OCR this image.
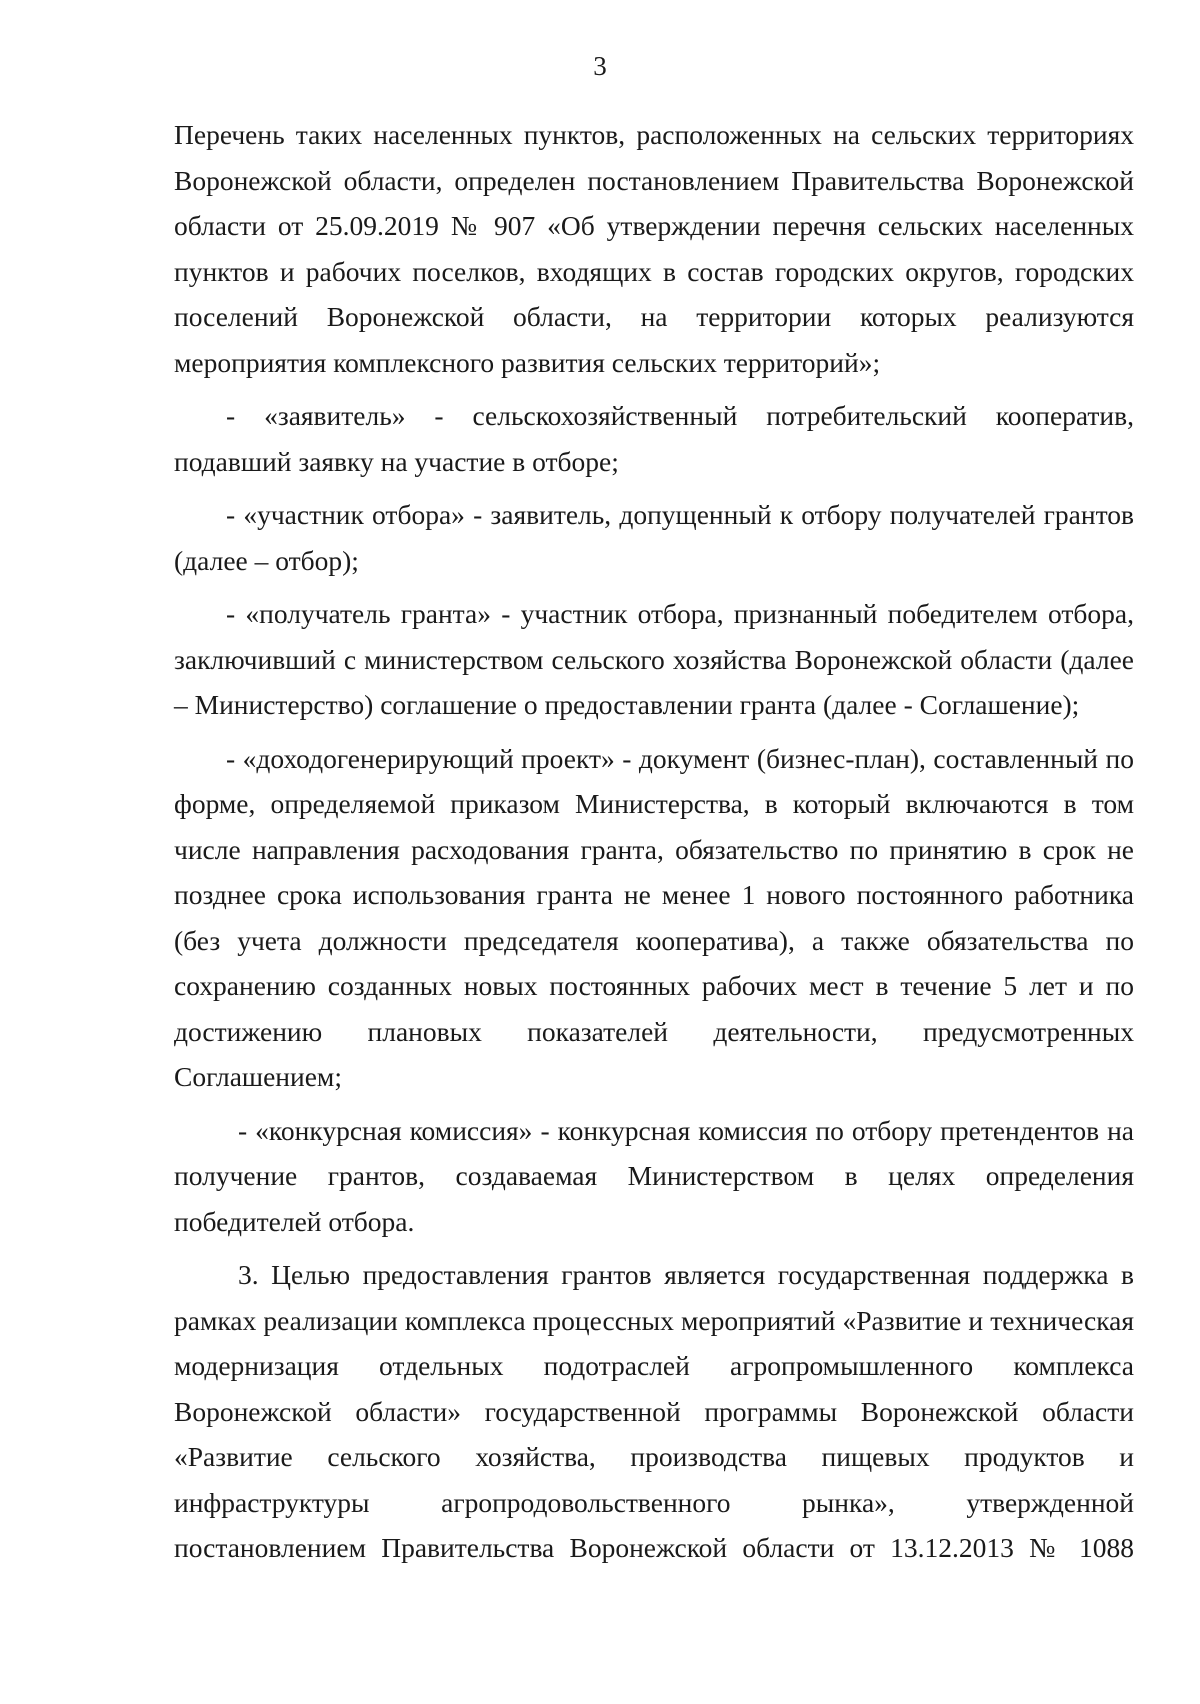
3

Перечень таких населенных пунктов, расположенных на сельских территориях Воронежской области, определен постановлением Правительства Воронежской области от 25.09.2019 № 907 «Об утверждении перечня сельских населенных пунктов и рабочих поселков, входящих в состав городских округов, городских поселений Воронежской области, на территории которых реализуются мероприятия комплексного развития сельских территорий»;

- «заявитель» - сельскохозяйственный потребительский кооператив, подавший заявку на участие в отборе;

- «участник отбора» - заявитель, допущенный к отбору получателей грантов (далее – отбор);

- «получатель гранта» - участник отбора, признанный победителем отбора, заключивший с министерством сельского хозяйства Воронежской области (далее – Министерство) соглашение о предоставлении гранта (далее - Соглашение);

- «доходогенерирующий проект» - документ (бизнес-план), составленный по форме, определяемой приказом Министерства, в который включаются в том числе направления расходования гранта, обязательство по принятию в срок не позднее срока использования гранта не менее 1 нового постоянного работника (без учета должности председателя кооператива), а также обязательства по сохранению созданных новых постоянных рабочих мест в течение 5 лет и по достижению плановых показателей деятельности, предусмотренных Соглашением;

- «конкурсная комиссия» - конкурсная комиссия по отбору претендентов на получение грантов, создаваемая Министерством в целях определения победителей отбора.

3. Целью предоставления грантов является государственная поддержка в рамках реализации комплекса процессных мероприятий «Развитие и техническая модернизация отдельных подотраслей агропромышленного комплекса Воронежской области» государственной программы Воронежской области «Развитие сельского хозяйства, производства пищевых продуктов и инфраструктуры агропродовольственного рынка», утвержденной постановлением Правительства Воронежской области от 13.12.2013 № 1088
